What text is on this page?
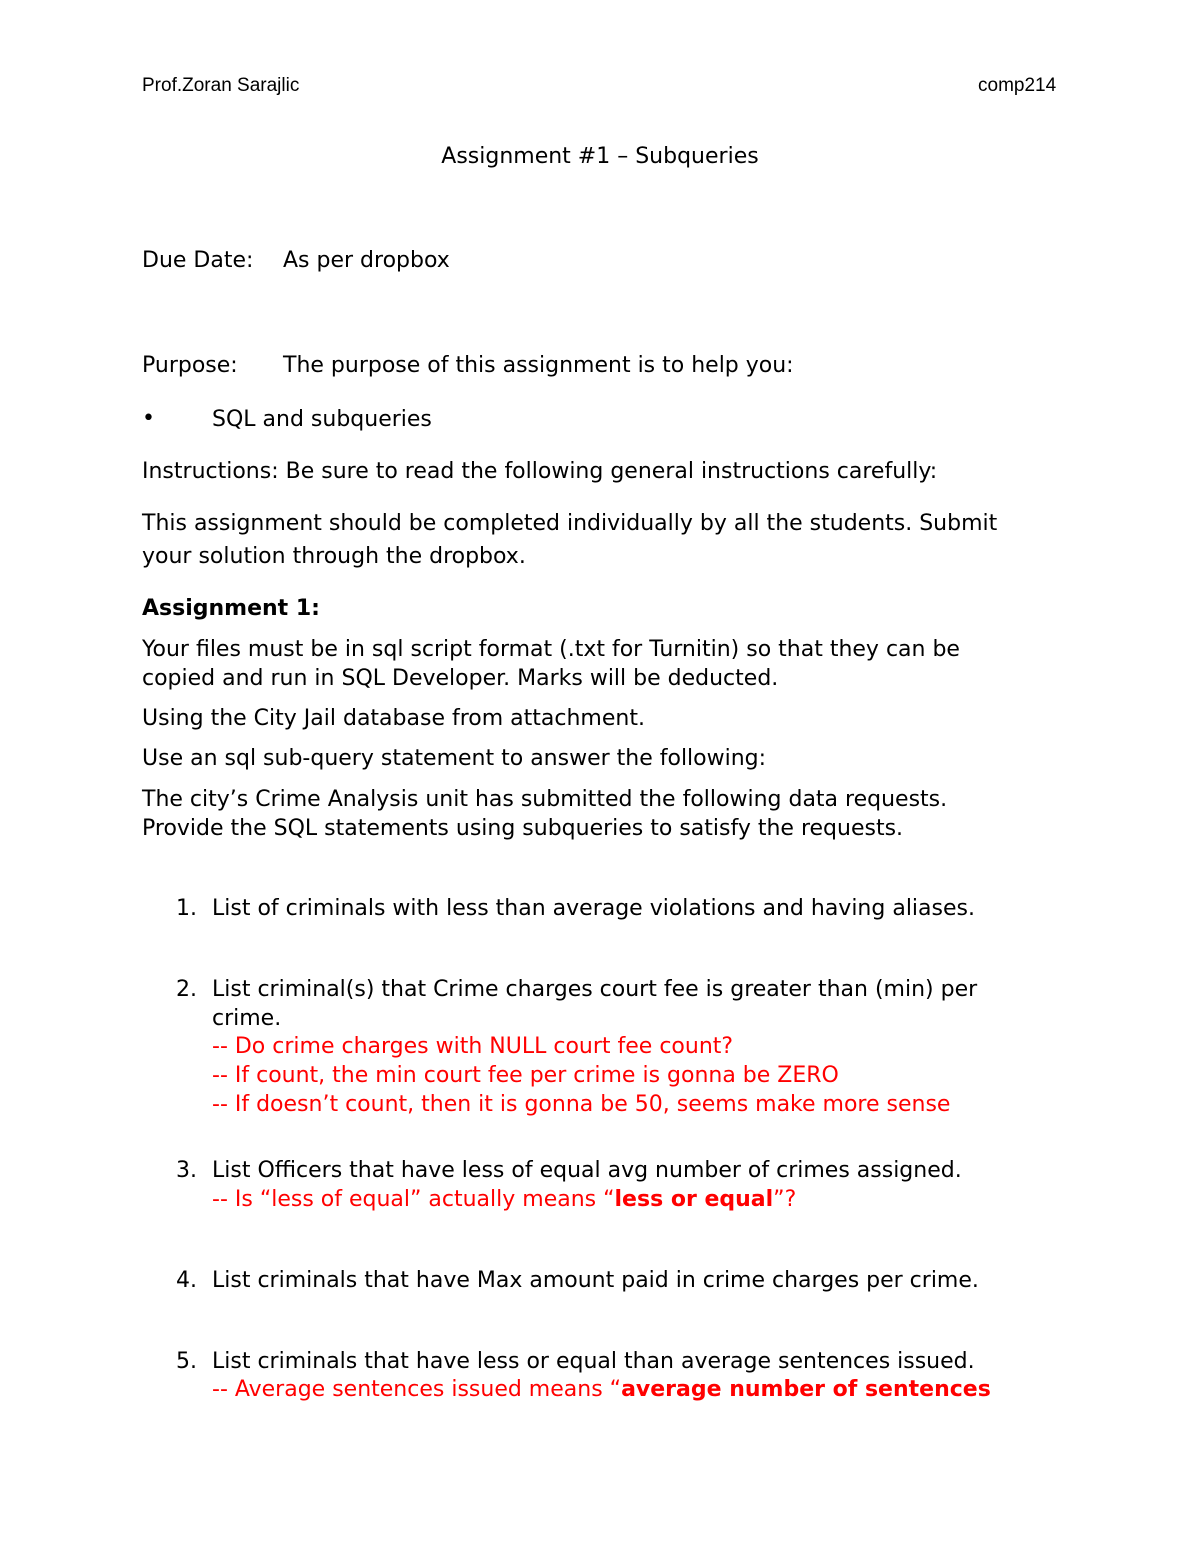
Prof.Zoran Sarajlic	comp214
Assignment #1 – Subqueries
Due Date: As per dropbox
Purpose: The purpose of this assignment is to help you:
•	SQL and subqueries
Instructions: Be sure to read the following general instructions carefully:
This assignment should be completed individually by all the students. Submit
your solution through the dropbox.
Assignment 1:
Your files must be in sql script format (.txt for Turnitin) so that they can be
copied and run in SQL Developer. Marks will be deducted.
Using the City Jail database from attachment.
Use an sql sub-query statement to answer the following:
The city’s Crime Analysis unit has submitted the following data requests.
Provide the SQL statements using subqueries to satisfy the requests.
1. List of criminals with less than average violations and having aliases.
2. List criminal(s) that Crime charges court fee is greater than (min) per
crime.
-- Do crime charges with NULL court fee count?
-- If count, the min court fee per crime is gonna be ZERO
-- If doesn’t count, then it is gonna be 50, seems make more sense
3. List Officers that have less of equal avg number of crimes assigned.
-- Is “less of equal” actually means “less or equal”?
4. List criminals that have Max amount paid in crime charges per crime.
5. List criminals that have less or equal than average sentences issued.
-- Average sentences issued means “average number of sentences
